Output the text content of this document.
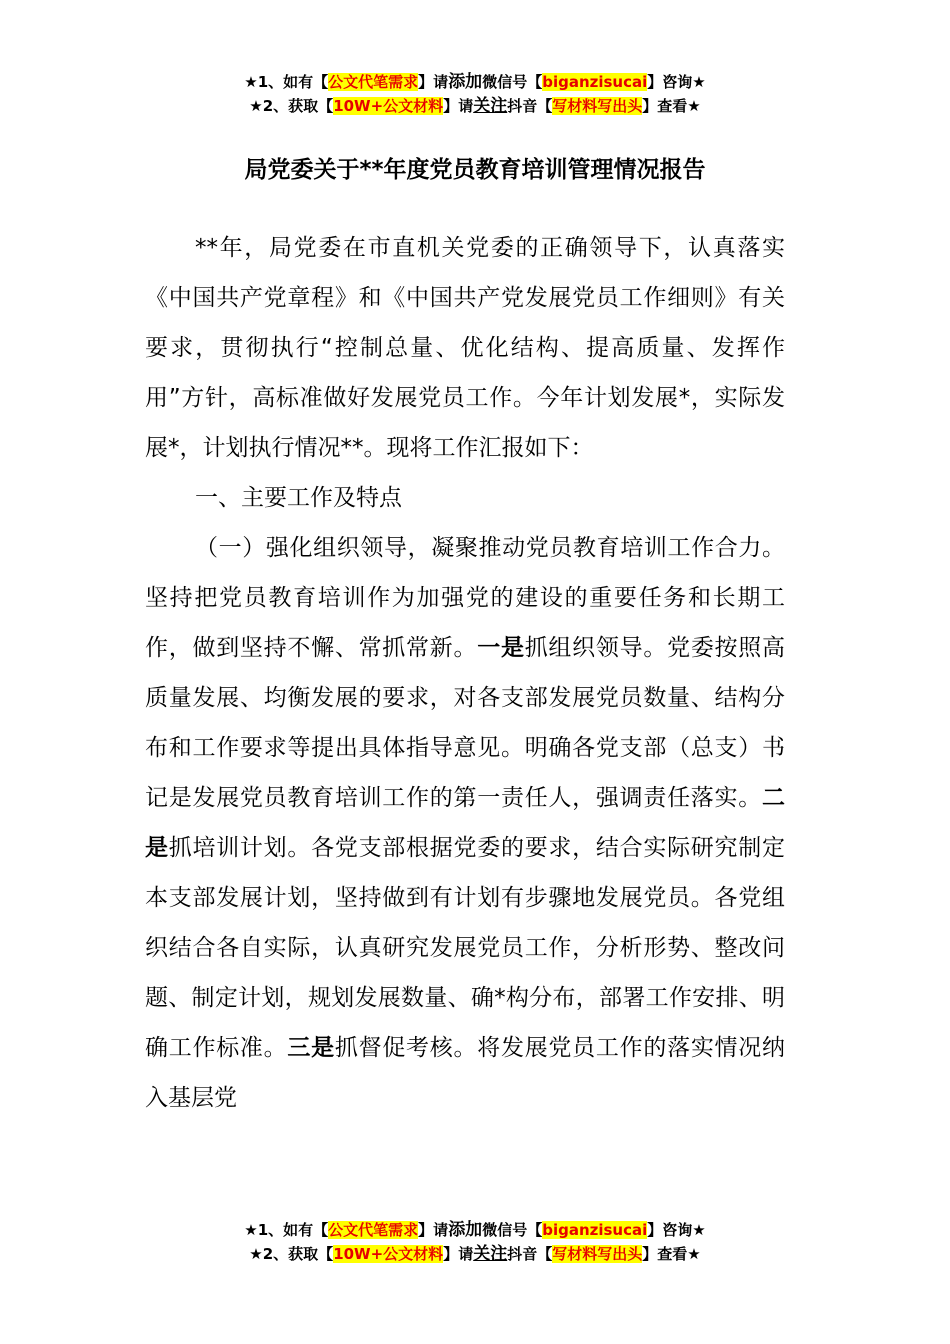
★1、如有【公文代笔需求】请添加微信号【biganzisucai】咨询★
★2、获取【10W+公文材料】请关注抖音【写材料写出头】查看★
局党委关于**年度党员教育培训管理情况报告

**年，局党委在市直机关党委的正确领导下，认真落实《中国共产党章程》和《中国共产党发展党员工作细则》有关要求，贯彻执行“控制总量、优化结构、提高质量、发挥作用”方针，高标准做好发展党员工作。今年计划发展*，实际发展*，计划执行情况**。现将工作汇报如下：

一、主要工作及特点

（一）强化组织领导，凝聚推动党员教育培训工作合力。坚持把党员教育培训作为加强党的建设的重要任务和长期工作，做到坚持不懈、常抓常新。一是抓组织领导。党委按照高质量发展、均衡发展的要求，对各支部发展党员数量、结构分布和工作要求等提出具体指导意见。明确各党支部（总支）书记是发展党员教育培训工作的第一责任人，强调责任落实。二是抓培训计划。各党支部根据党委的要求，结合实际研究制定本支部发展计划，坚持做到有计划有步骤地发展党员。各党组织结合各自实际，认真研究发展党员工作，分析形势、整改问题、制定计划，规划发展数量、确*构分布，部署工作安排、明确工作标准。三是抓督促考核。将发展党员工作的落实情况纳入基层党

★1、如有【公文代笔需求】请添加微信号【biganzisucai】咨询★
★2、获取【10W+公文材料】请关注抖音【写材料写出头】查看★
